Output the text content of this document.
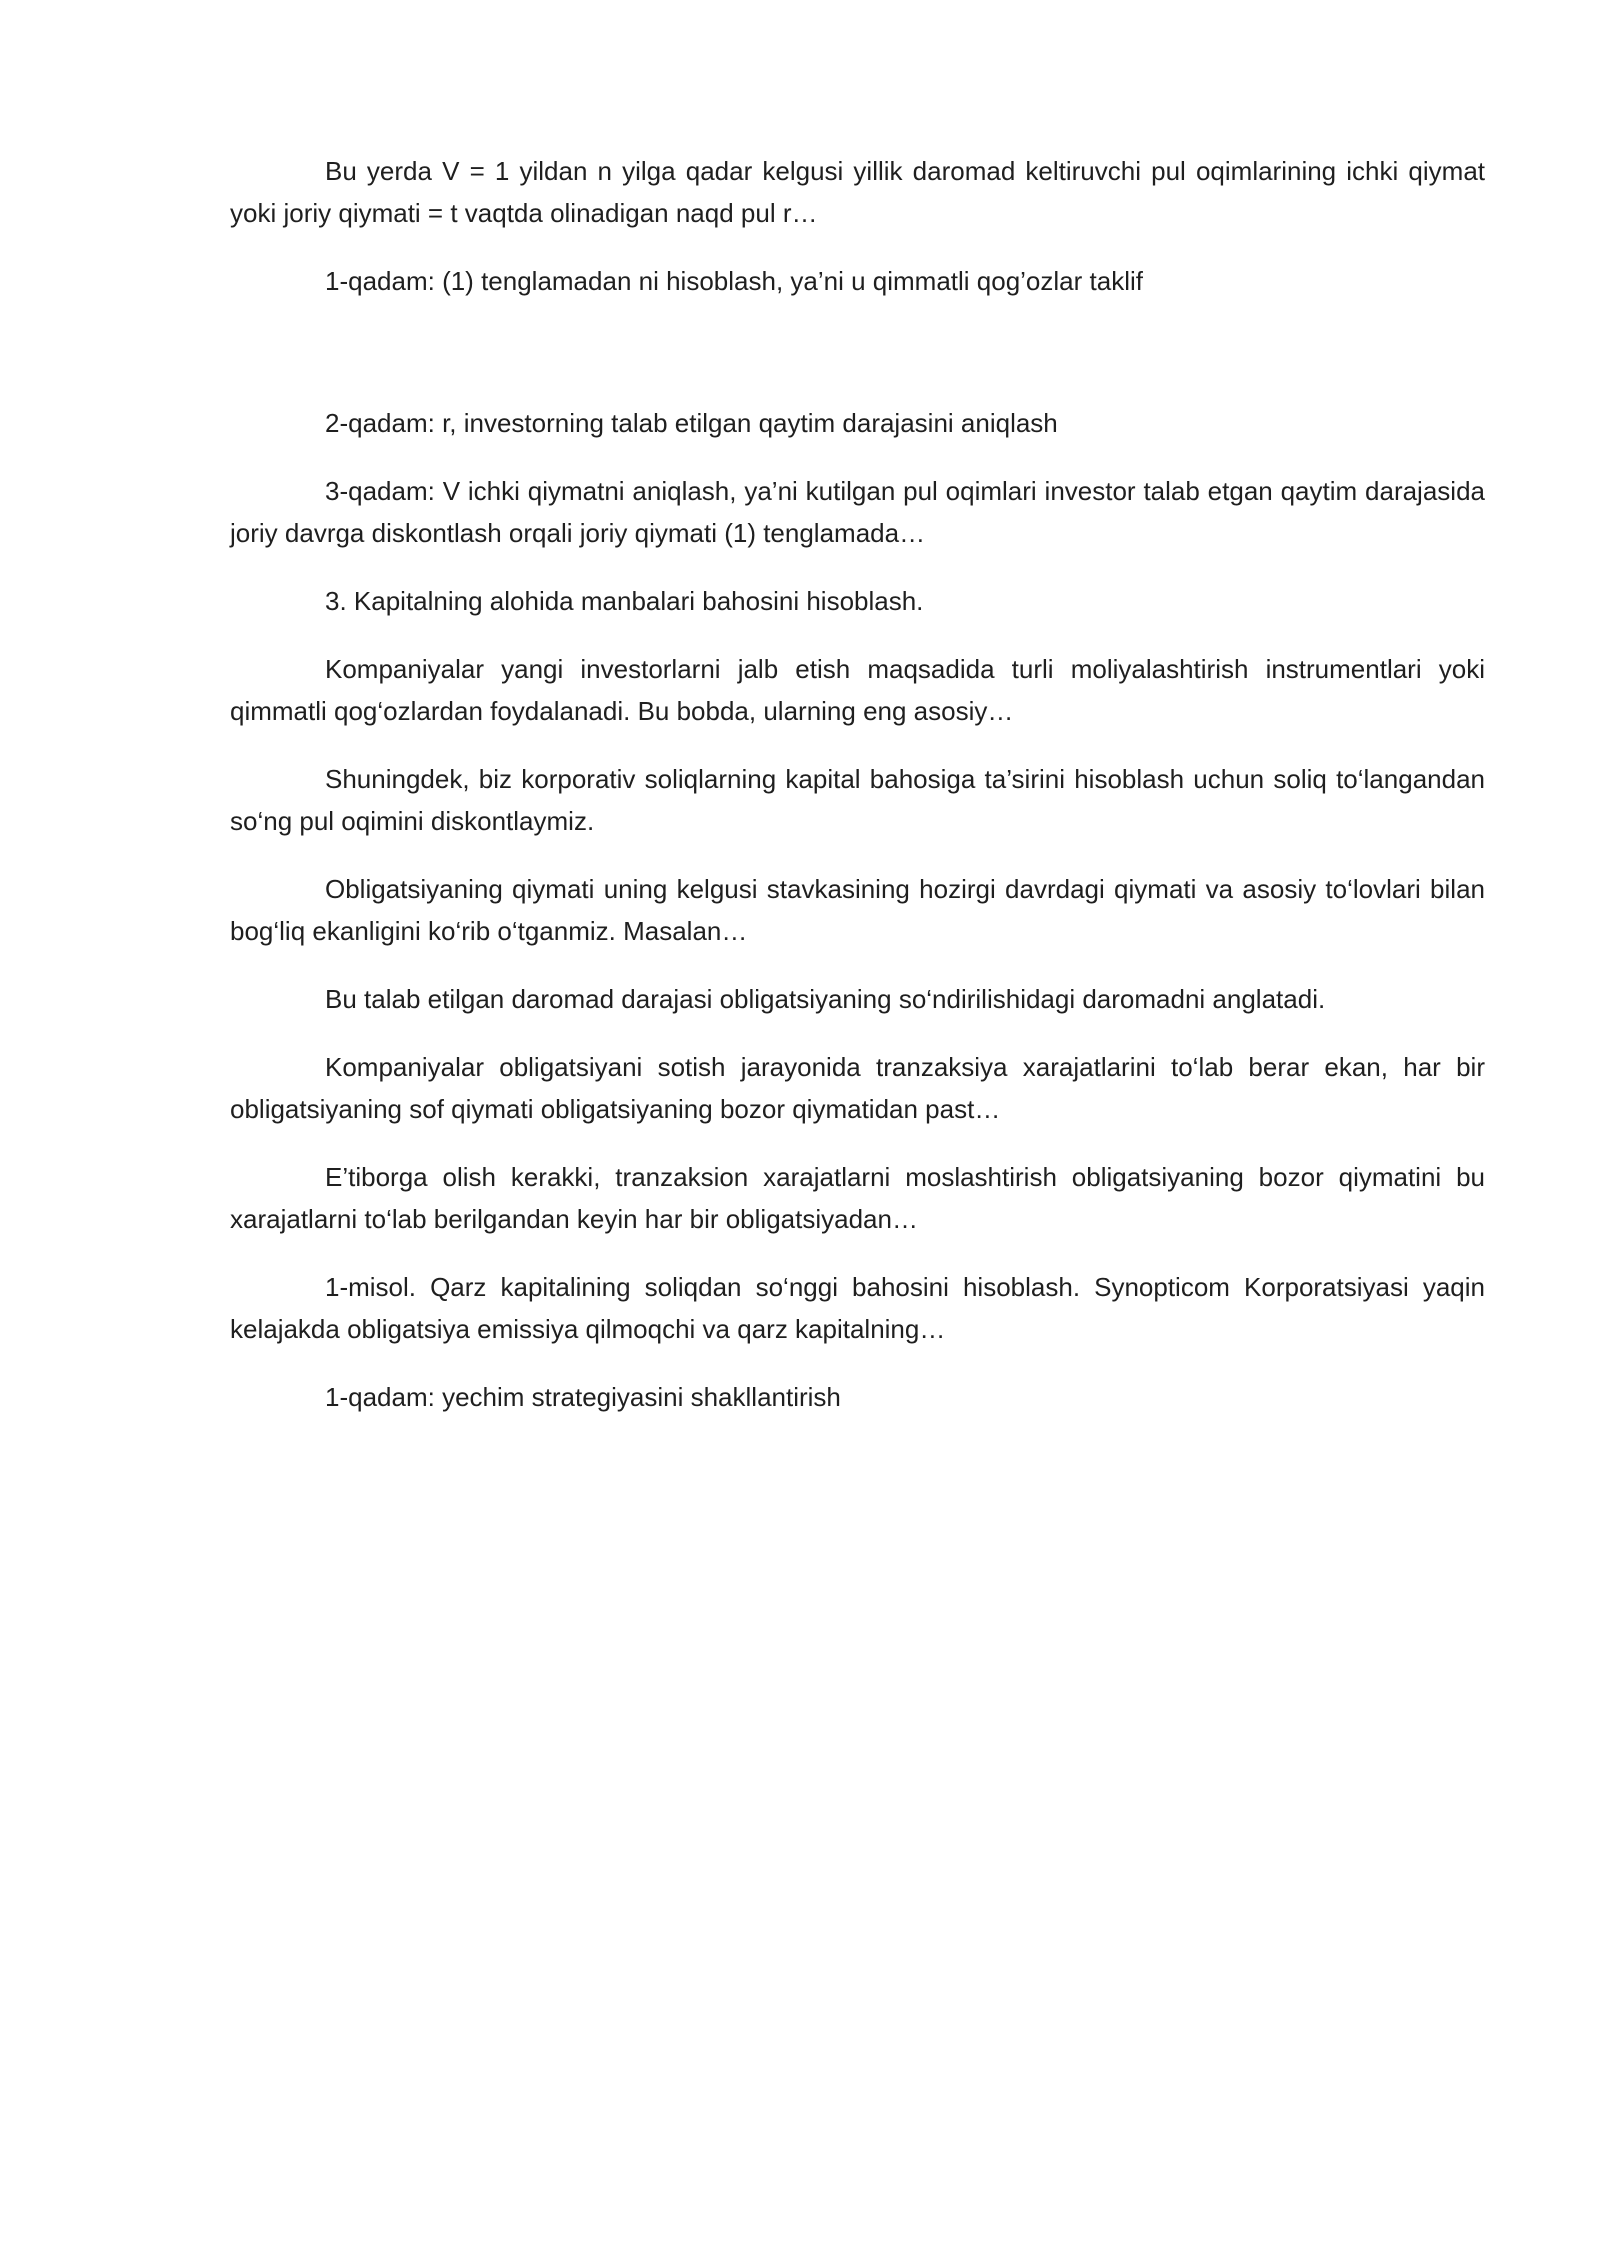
Bu yerda V = 1 yildan n yilga qadar kelgusi yillik daromad keltiruvchi pul oqimlarining ichki qiymat yoki joriy qiymati = t vaqtda olinadigan naqd pul r…

1-qadam: (1) tenglamadan ni hisoblash, ya’ni u qimmatli qog’ozlar taklif

2-qadam: r, investorning talab etilgan qaytim darajasini aniqlash

3-qadam: V ichki qiymatni aniqlash, ya’ni kutilgan pul oqimlari investor talab etgan qaytim darajasida joriy davrga diskontlash orqali joriy qiymati (1) tenglamada…

3. Kapitalning alohida manbalari bahosini hisoblash.

Kompaniyalar yangi investorlarni jalb etish maqsadida turli moliyalashtirish instrumentlari yoki qimmatli qog‘ozlardan foydalanadi. Bu bobda, ularning eng asosiy…

Shuningdek, biz korporativ soliqlarning kapital bahosiga ta’sirini hisoblash uchun soliq to‘langandan so‘ng pul oqimini diskontlaymiz.

Obligatsiyaning qiymati uning kelgusi stavkasining hozirgi davrdagi qiymati va asosiy to‘lovlari bilan bog‘liq ekanligini ko‘rib o‘tganmiz. Masalan…

Bu talab etilgan daromad darajasi obligatsiyaning so‘ndirilishidagi daromadni anglatadi.

Kompaniyalar obligatsiyani sotish jarayonida tranzaksiya xarajatlarini to‘lab berar ekan, har bir obligatsiyaning sof qiymati obligatsiyaning bozor qiymatidan past…

E’tiborga olish kerakki, tranzaksion xarajatlarni moslashtirish obligatsiyaning bozor qiymatini bu xarajatlarni to‘lab berilgandan keyin har bir obligatsiyadan…

1-misol. Qarz kapitalining soliqdan so‘nggi bahosini hisoblash. Synopticom Korporatsiyasi yaqin kelajakda obligatsiya emissiya qilmoqchi va qarz kapitalning…

1-qadam: yechim strategiyasini shakllantirish
